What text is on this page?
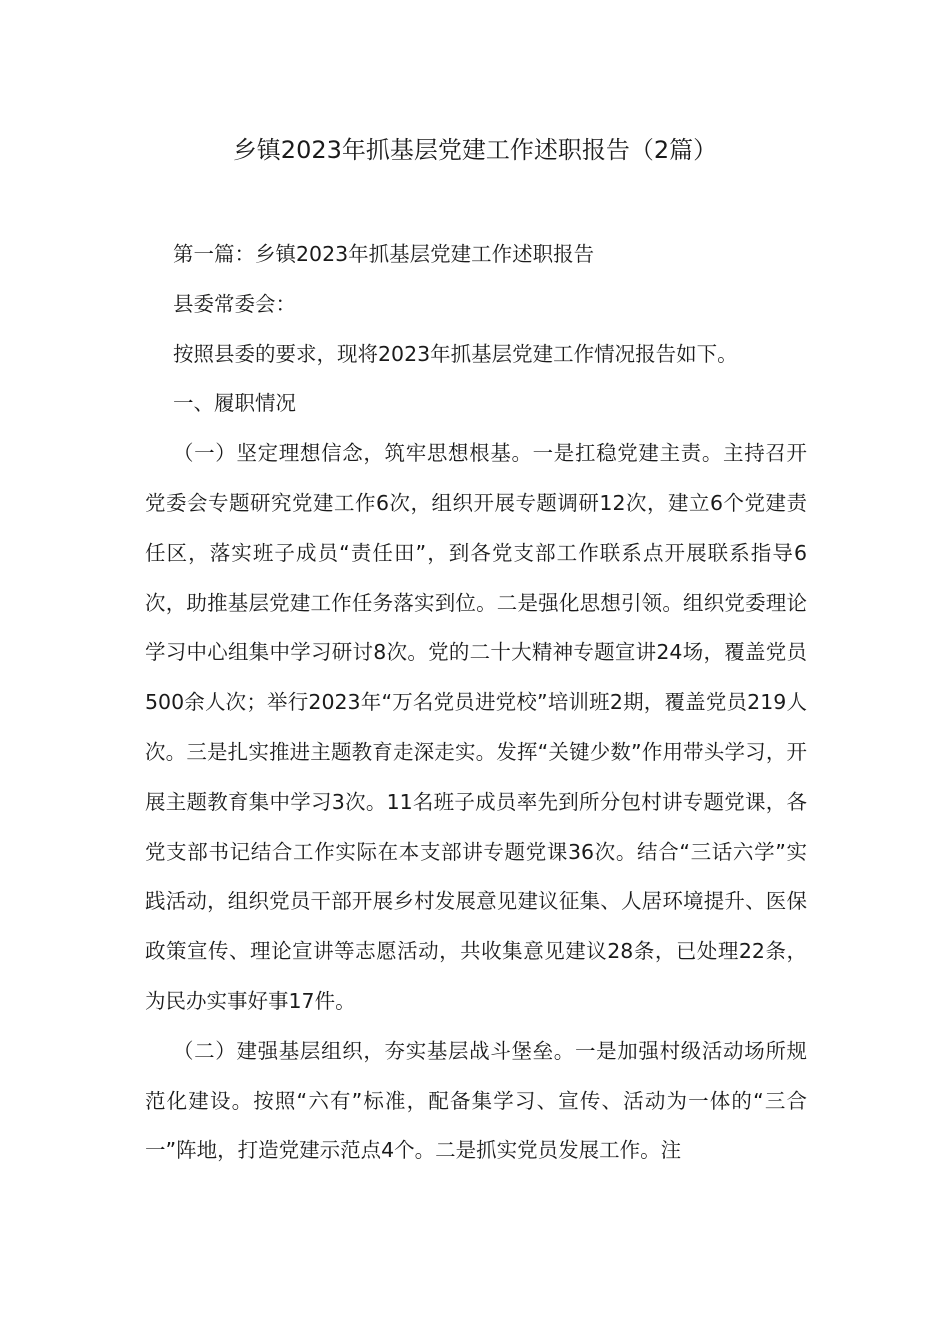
乡镇2023年抓基层党建工作述职报告（2篇）

第一篇：乡镇2023年抓基层党建工作述职报告

县委常委会：

按照县委的要求，现将2023年抓基层党建工作情况报告如下。

一、履职情况

（一）坚定理想信念，筑牢思想根基。一是扛稳党建主责。主持召开党委会专题研究党建工作6次，组织开展专题调研12次，建立6个党建责任区，落实班子成员“责任田”，到各党支部工作联系点开展联系指导6次，助推基层党建工作任务落实到位。二是强化思想引领。组织党委理论学习中心组集中学习研讨8次。党的二十大精神专题宣讲24场，覆盖党员500余人次；举行2023年“万名党员进党校”培训班2期，覆盖党员219人次。三是扎实推进主题教育走深走实。发挥“关键少数”作用带头学习，开展主题教育集中学习3次。11名班子成员率先到所分包村讲专题党课，各党支部书记结合工作实际在本支部讲专题党课36次。结合“三话六学”实践活动，组织党员干部开展乡村发展意见建议征集、人居环境提升、医保政策宣传、理论宣讲等志愿活动，共收集意见建议28条，已处理22条，为民办实事好事17件。

（二）建强基层组织，夯实基层战斗堡垒。一是加强村级活动场所规范化建设。按照“六有”标准，配备集学习、宣传、活动为一体的“三合一”阵地，打造党建示范点4个。二是抓实党员发展工作。注
